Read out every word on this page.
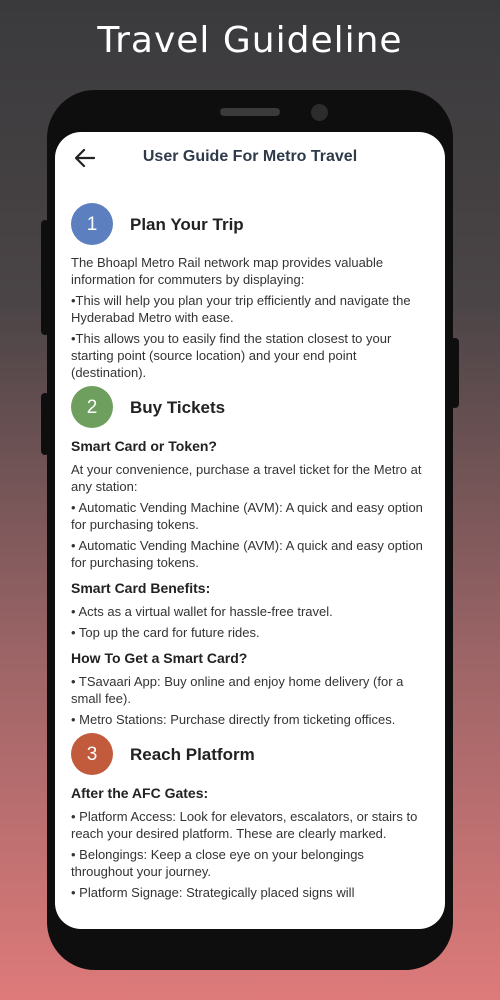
Travel Guideline
User Guide For Metro Travel
1	Plan Your Trip

The Bhoapl Metro Rail network map provides valuable information for commuters by displaying:

•This will help you plan your trip efficiently and navigate the Hyderabad Metro with ease.

•This allows you to easily find the station closest to your starting point (source location) and your end point (destination).

2	Buy Tickets
Smart Card or Token?

At your convenience, purchase a travel ticket for the Metro at any station:

• Automatic Vending Machine (AVM): A quick and easy option for purchasing tokens.

• Automatic Vending Machine (AVM): A quick and easy option for purchasing tokens.

Smart Card Benefits:

• Acts as a virtual wallet for hassle-free travel.

• Top up the card for future rides.

How To Get a Smart Card?

• TSavaari App: Buy online and enjoy home delivery (for a small fee).

• Metro Stations: Purchase directly from ticketing offices.

3	Reach Platform
After the AFC Gates:

• Platform Access: Look for elevators, escalators, or stairs to reach your desired platform. These are clearly marked.

• Belongings: Keep a close eye on your belongings throughout your journey.

• Platform Signage: Strategically placed signs will
